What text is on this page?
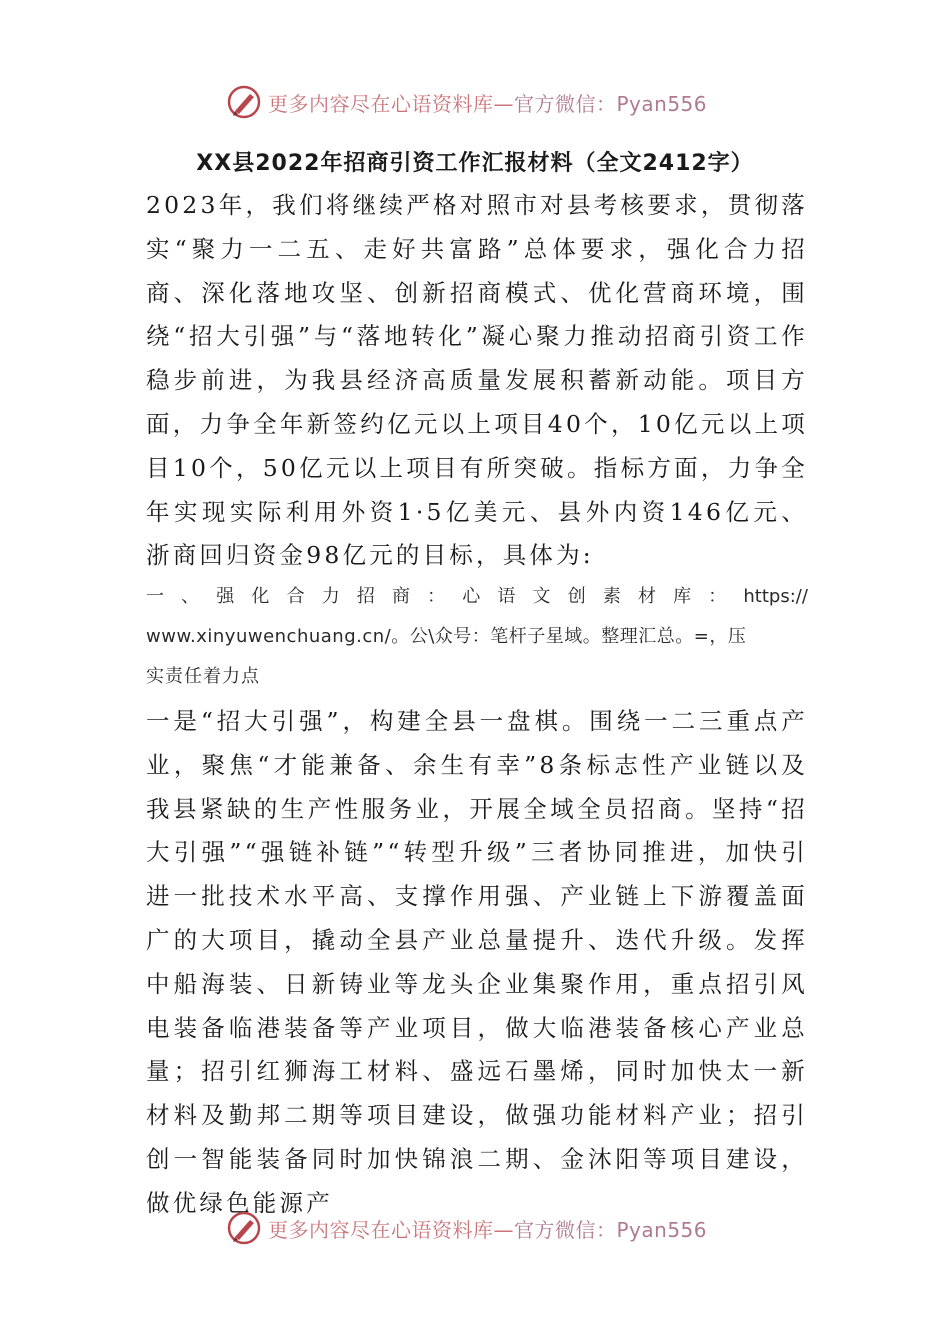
更多内容尽在心语资料库—官方微信：Pyan556
XX县2022年招商引资工作汇报材料（全文2412字）

2023年，我们将继续严格对照市对县考核要求，贯彻落实“聚力一二五、走好共富路”总体要求，强化合力招商、深化落地攻坚、创新招商模式、优化营商环境，围绕“招大引强”与“落地转化”凝心聚力推动招商引资工作稳步前进，为我县经济高质量发展积蓄新动能。项目方面，力争全年新签约亿元以上项目40个，10亿元以上项目10个，50亿元以上项目有所突破。指标方面，力争全年实现实际利用外资1·5亿美元、县外内资146亿元、浙商回归资金98亿元的目标，具体为:

一 、 强 化 合 力 招 商 ： 心 语 文 创 素 材 库 ： https://
www.xinyuwenchuang.cn/。公\众号：笔杆子星域。整理汇总。=，压
实责任着力点

一是“招大引强”，构建全县一盘棋。围绕一二三重点产业，聚焦“才能兼备、余生有幸”8条标志性产业链以及我县紧缺的生产性服务业，开展全域全员招商。坚持“招大引强”“强链补链”“转型升级”三者协同推进，加快引进一批技术水平高、支撑作用强、产业链上下游覆盖面广的大项目，撬动全县产业总量提升、迭代升级。发挥中船海装、日新铸业等龙头企业集聚作用，重点招引风电装备临港装备等产业项目，做大临港装备核心产业总量；招引红狮海工材料、盛远石墨烯，同时加快太一新材料及勤邦二期等项目建设，做强功能材料产业；招引创一智能装备同时加快锦浪二期、金沐阳等项目建设，做优绿色能源产

更多内容尽在心语资料库—官方微信：Pyan556
